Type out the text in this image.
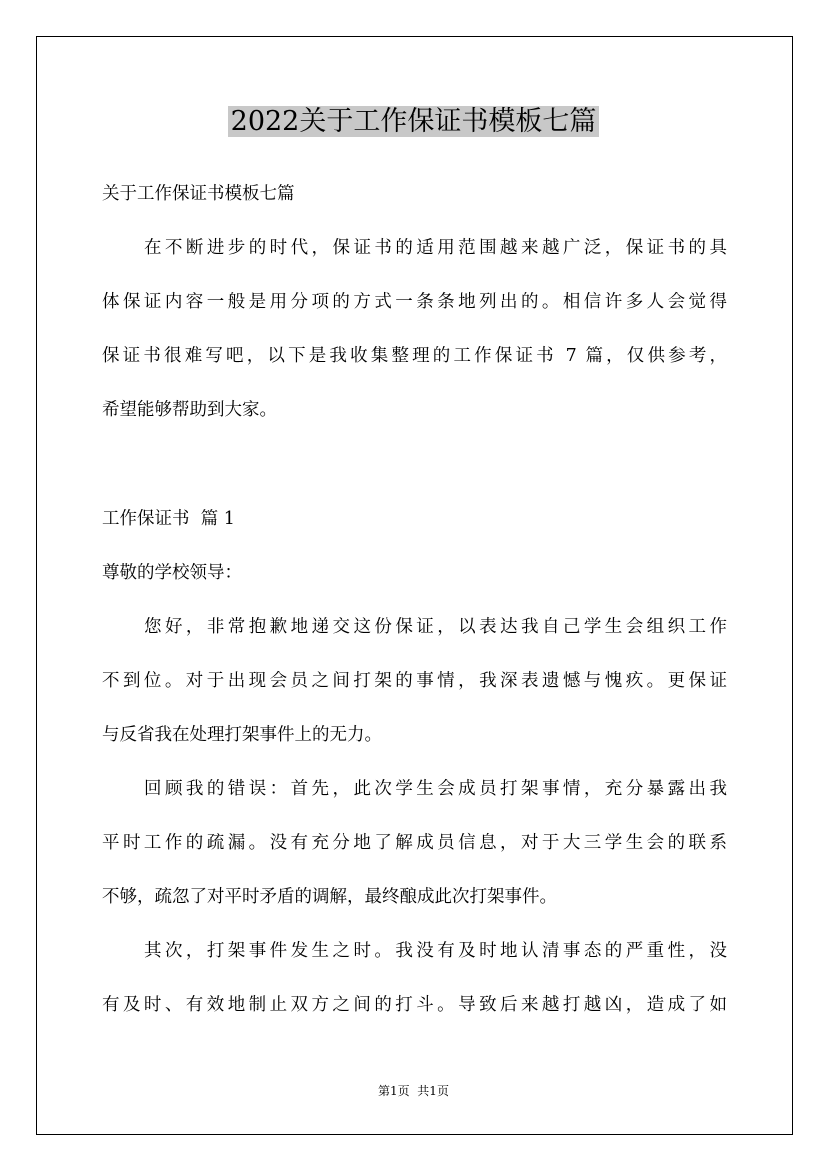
2022关于工作保证书模板七篇
关于工作保证书模板七篇
在不断进步的时代，保证书的适用范围越来越广泛，保证书的具
体保证内容一般是用分项的方式一条条地列出的。相信许多人会觉得
保证书很难写吧，以下是我收集整理的工作保证书 7 篇，仅供参考，
希望能够帮助到大家。
工作保证书  篇 1
尊敬的学校领导：
您好，非常抱歉地递交这份保证，以表达我自己学生会组织工作
不到位。对于出现会员之间打架的事情，我深表遗憾与愧疚。更保证
与反省我在处理打架事件上的无力。
回顾我的错误：首先，此次学生会成员打架事情，充分暴露出我
平时工作的疏漏。没有充分地了解成员信息，对于大三学生会的联系
不够，疏忽了对平时矛盾的调解，最终酿成此次打架事件。
其次，打架事件发生之时。我没有及时地认清事态的严重性，没
有及时、有效地制止双方之间的打斗。导致后来越打越凶，造成了如
第1页  共1页
